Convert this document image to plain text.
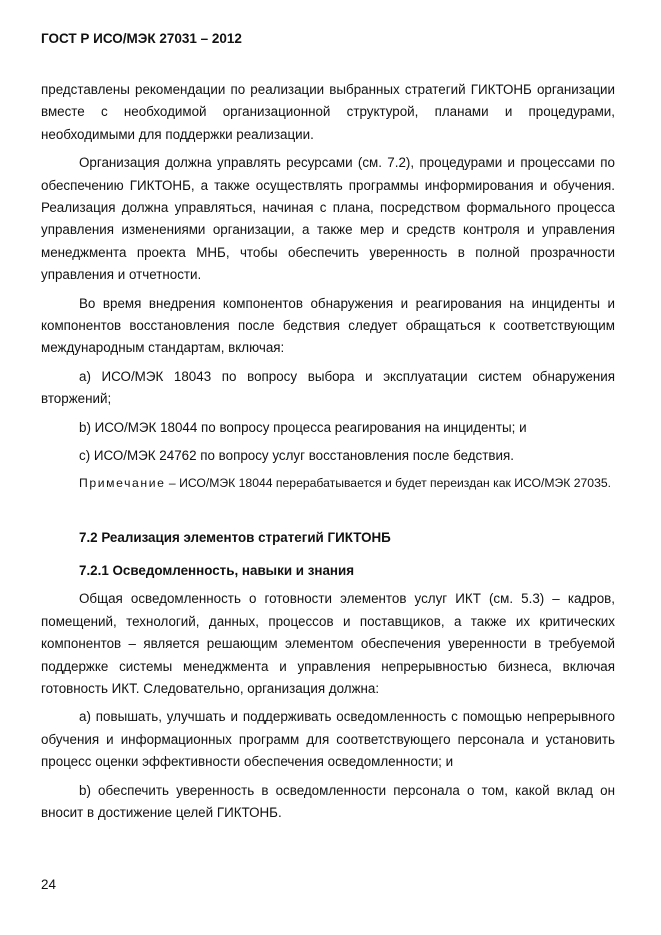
ГОСТ Р ИСО/МЭК 27031 – 2012

представлены рекомендации по реализации выбранных стратегий ГИКТОНБ организации вместе с необходимой организационной структурой, планами и процедурами, необходимыми для поддержки реализации.

Организация должна управлять ресурсами (см. 7.2), процедурами и процессами по обеспечению ГИКТОНБ, а также осуществлять программы информирования и обучения. Реализация должна управляться, начиная с плана, посредством формального процесса управления изменениями организации, а также мер и средств контроля и управления менеджмента проекта МНБ, чтобы обеспечить уверенность в полной прозрачности управления и отчетности.

Во время внедрения компонентов обнаружения и реагирования на инциденты и компонентов восстановления после бедствия следует обращаться к соответствующим международным стандартам, включая:

а) ИСО/МЭК 18043 по вопросу выбора и эксплуатации систем обнаружения вторжений;

b) ИСО/МЭК 18044 по вопросу процесса реагирования на инциденты; и

c) ИСО/МЭК 24762 по вопросу услуг восстановления после бедствия.

Примечание – ИСО/МЭК 18044 перерабатывается и будет переиздан как ИСО/МЭК 27035.

7.2 Реализация элементов стратегий ГИКТОНБ

7.2.1 Осведомленность, навыки и знания

Общая осведомленность о готовности элементов услуг ИКТ (см. 5.3) – кадров, помещений, технологий, данных, процессов и поставщиков, а также их критических компонентов – является решающим элементом обеспечения уверенности в требуемой поддержке системы менеджмента и управления непрерывностью бизнеса, включая готовность ИКТ. Следовательно, организация должна:

а) повышать, улучшать и поддерживать осведомленность с помощью непрерывного обучения и информационных программ для соответствующего персонала и установить процесс оценки эффективности обеспечения осведомленности; и

b) обеспечить уверенность в осведомленности персонала о том, какой вклад он вносит в достижение целей ГИКТОНБ.

24
